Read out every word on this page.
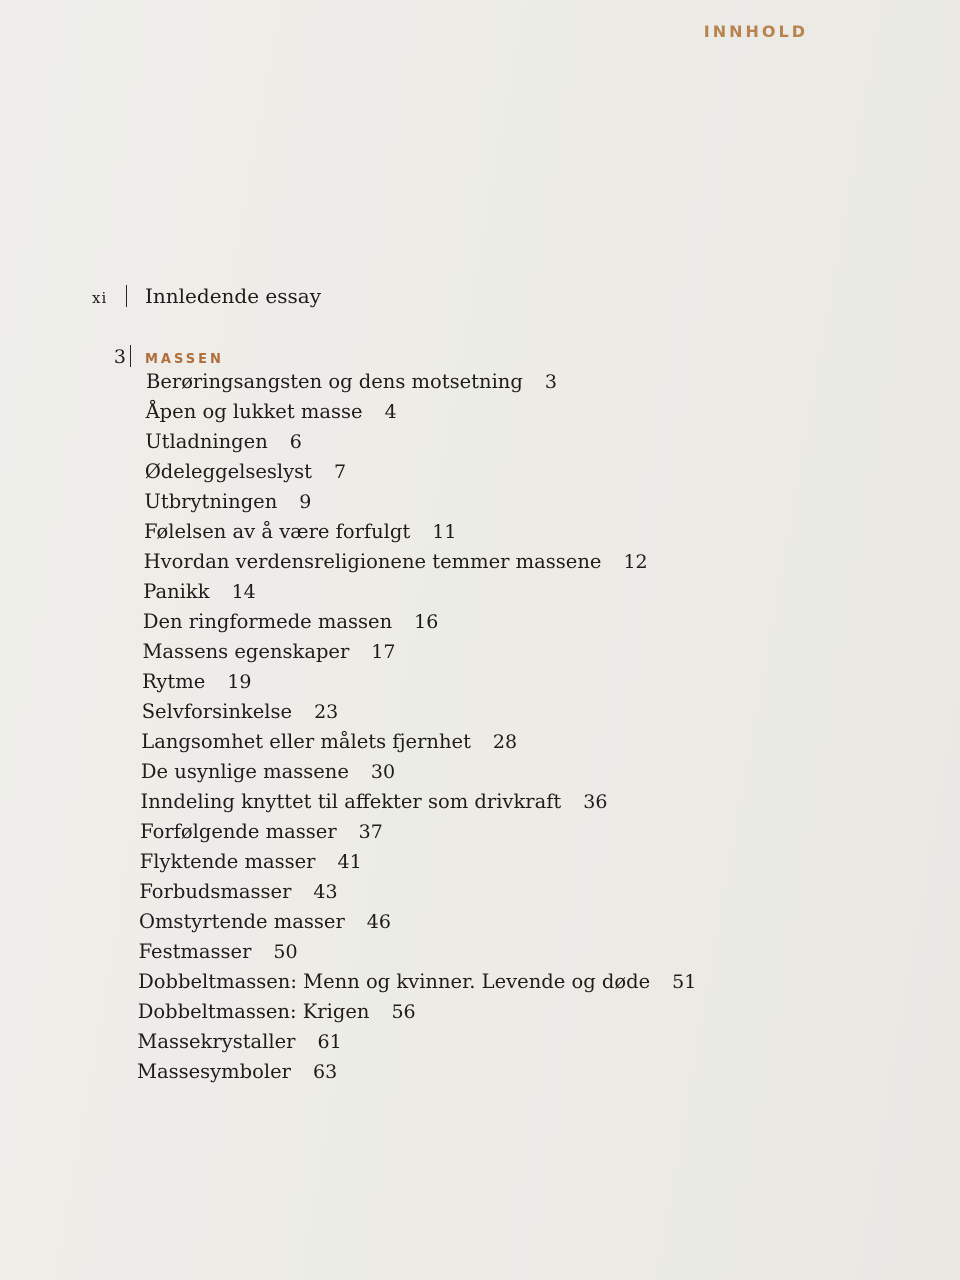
INNHOLD
xi	Innledende essay
3 MASSEN
Berøringsangsten og dens motsetning 3
Åpen og lukket masse 4
Utladningen 6
Ødeleggelseslyst 7
Utbrytningen 9
Følelsen av å være forfulgt 11
Hvordan verdensreligionene temmer massene 12
Panikk 14
Den ringformede massen 16
Massens egenskaper 17
Rytme 19
Selvforsinkelse 23
Langsomhet eller målets fjernhet 28
De usynlige massene 30
Inndeling knyttet til affekter som drivkraft 36
Forfølgende masser 37
Flyktende masser 41
Forbudsmasser 43
Omstyrtende masser 46
Festmasser 50
Dobbeltmassen: Menn og kvinner. Levende og døde 51
Dobbeltmassen: Krigen 56
Massekrystaller 61
Massesymboler 63
